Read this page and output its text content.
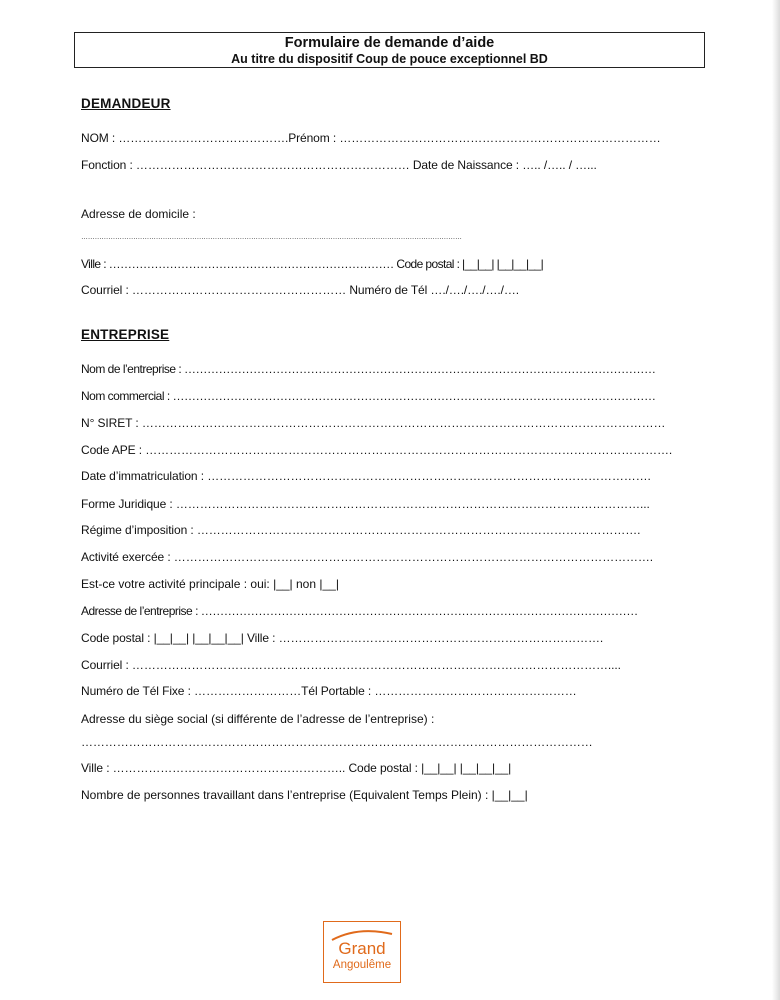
Formulaire de demande d’aide
Au titre du dispositif Coup de pouce exceptionnel BD
DEMANDEUR
NOM : …………………………………….Prénom : ………………………………………………………………………
Fonction : …………………………………………………………… Date de Naissance : ….. /….. / …...
Adresse de domicile :
……………………………………………………………………………………………………………………………………………………
Ville : ………………………………………………………………… Code postal : |__|__| |__|__|__|
Courriel : ……………………………………………… Numéro de Tél …./…./…./…./….
ENTREPRISE
Nom de l’entreprise : ……………………………………………………………………………………………………………
Nom commercial : ………………………………………………………………………………………………………………
N° SIRET : ……………………………………………………………………………………………………………………
Code APE : …………………………………………………………………………………………………………………….
Date d’immatriculation : ………………………………………………………………………………………………….
Forme Juridique : ………………………………………………………………………………………………………...
Régime d’imposition : ………………………………………………………………………………………………….
Activité exercée : ………………………………………………………………………………………………………….
Est-ce votre activité principale : oui: |__| non |__|
Adresse de l’entreprise : ……………………………………………………………………………………………………
Code postal : |__|__| |__|__|__| Ville : ……………………………………………………………………….
Courriel : …………………………………………………………………………………………………………....
Numéro de Tél Fixe : ………………………Tél Portable : ……………………………………………
Adresse du siège social (si différente de l’adresse de l’entreprise) :
…………………………………………………………………………………………………………………
Ville : ………………………………………………….. Code postal : |__|__| |__|__|__|
Nombre de personnes travaillant dans l’entreprise (Equivalent Temps Plein) : |__|__|
Grand
Angoulême
